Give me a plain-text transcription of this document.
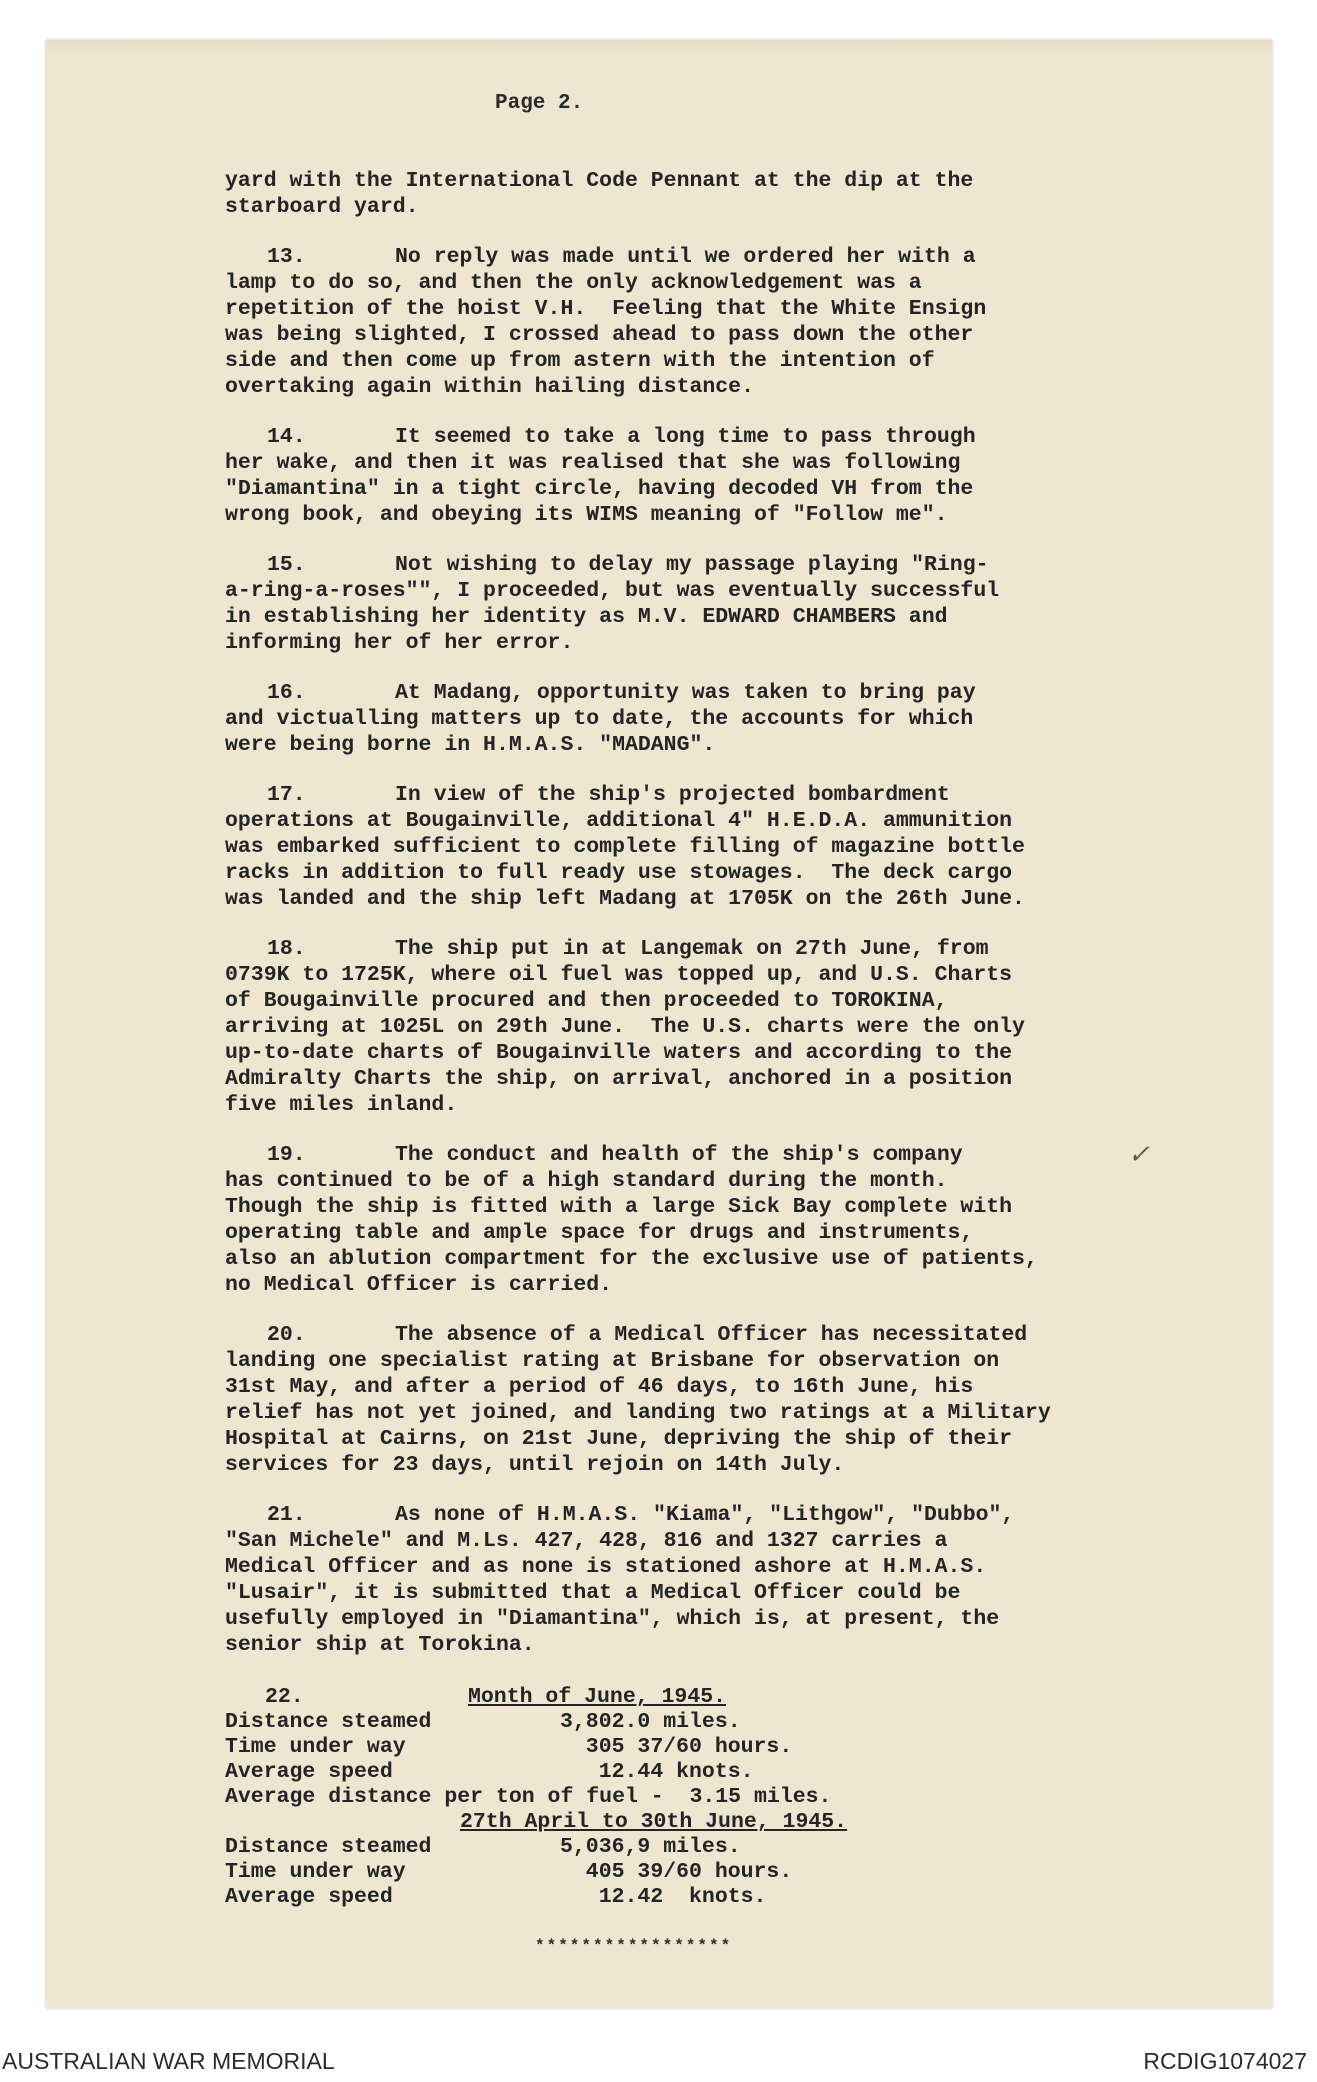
Page 2.
yard with the International Code Pennant at the dip at the
starboard yard.
13.	No reply was made until we ordered her with a
lamp to do so, and then the only acknowledgement was a
repetition of the hoist V.H.  Feeling that the White Ensign
was being slighted, I crossed ahead to pass down the other
side and then come up from astern with the intention of
overtaking again within hailing distance.
14.	It seemed to take a long time to pass through
her wake, and then it was realised that she was following
"Diamantina" in a tight circle, having decoded VH from the
wrong book, and obeying its WIMS meaning of "Follow me".
15.	Not wishing to delay my passage playing "Ring-
a-ring-a-roses"", I proceeded, but was eventually successful
in establishing her identity as M.V. EDWARD CHAMBERS and
informing her of her error.
16.	At Madang, opportunity was taken to bring pay
and victualling matters up to date, the accounts for which
were being borne in H.M.A.S. "MADANG".
17.	In view of the ship's projected bombardment
operations at Bougainville, additional 4" H.E.D.A. ammunition
was embarked sufficient to complete filling of magazine bottle
racks in addition to full ready use stowages.  The deck cargo
was landed and the ship left Madang at 1705K on the 26th June.
18.	The ship put in at Langemak on 27th June, from
0739K to 1725K, where oil fuel was topped up, and U.S. Charts
of Bougainville procured and then proceeded to TOROKINA,
arriving at 1025L on 29th June.  The U.S. charts were the only
up-to-date charts of Bougainville waters and according to the
Admiralty Charts the ship, on arrival, anchored in a position
five miles inland.
19.	The conduct and health of the ship's company
has continued to be of a high standard during the month.
Though the ship is fitted with a large Sick Bay complete with
operating table and ample space for drugs and instruments,
also an ablution compartment for the exclusive use of patients,
no Medical Officer is carried.
20.	The absence of a Medical Officer has necessitated
landing one specialist rating at Brisbane for observation on
31st May, and after a period of 46 days, to 16th June, his
relief has not yet joined, and landing two ratings at a Military
Hospital at Cairns, on 21st June, depriving the ship of their
services for 23 days, until rejoin on 14th July.
21.	As none of H.M.A.S. "Kiama", "Lithgow", "Dubbo",
"San Michele" and M.Ls. 427, 428, 816 and 1327 carries a
Medical Officer and as none is stationed ashore at H.M.A.S.
"Lusair", it is submitted that a Medical Officer could be
usefully employed in "Diamantina", which is, at present, the
senior ship at Torokina.
22.	Month of June, 1945.
Distance steamed	3,802.0 miles.
Time under way	305 37/60 hours.
Average speed	12.44 knots.
Average distance per ton of fuel -  3.15 miles.
27th April to 30th June, 1945.
Distance steamed	5,036,9 miles.
Time under way	405 39/60 hours.
Average speed	12.42  knots.
✓
*****************
AUSTRALIAN WAR MEMORIAL	RCDIG1074027
